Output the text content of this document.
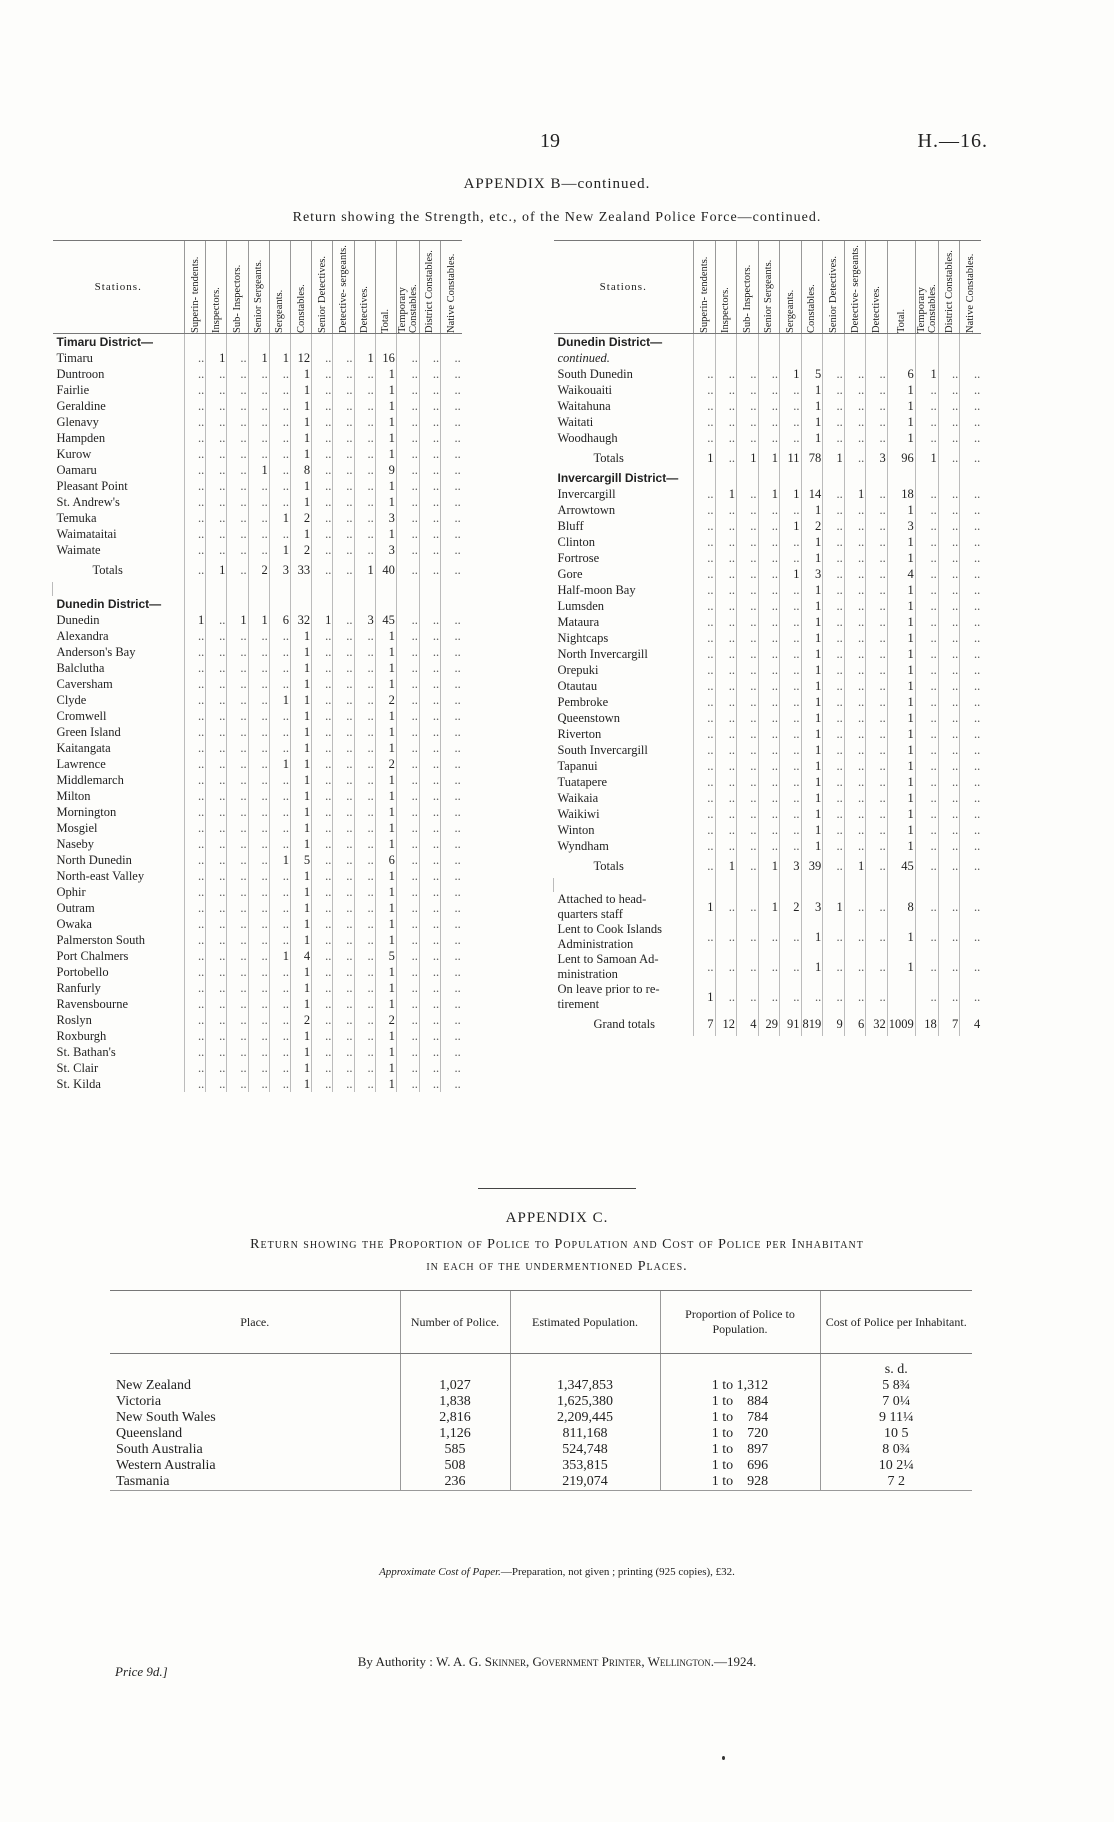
19	H.—16.
APPENDIX B—continued.
Return showing the Strength, etc., of the New Zealand Police Force—continued.
Stations.	Superin- tendents.	Inspectors.	Sub- Inspectors.	Senior Sergeants.	Sergeants.	Constables.	Senior Detectives.	Detective- sergeants.	Detectives.	Total.	Temporary Constables.	District Constables.	Native Constables.

Timaru District—													
Timaru	..	1	..	1	1	12	..	..	1	16	..	..	..
Duntroon	..	..	..	..	..	1	..	..	..	1	..	..	..
Fairlie	..	..	..	..	..	1	..	..	..	1	..	..	..
Geraldine	..	..	..	..	..	1	..	..	..	1	..	..	..
Glenavy	..	..	..	..	..	1	..	..	..	1	..	..	..
Hampden	..	..	..	..	..	1	..	..	..	1	..	..	..
Kurow	..	..	..	..	..	1	..	..	..	1	..	..	..
Oamaru	..	..	..	1	..	8	..	..	..	9	..	..	..
Pleasant Point	..	..	..	..	..	1	..	..	..	1	..	..	..
St. Andrew's	..	..	..	..	..	1	..	..	..	1	..	..	..
Temuka	..	..	..	..	1	2	..	..	..	3	..	..	..
Waimataitai	..	..	..	..	..	1	..	..	..	1	..	..	..
Waimate	..	..	..	..	1	2	..	..	..	3	..	..	..
Totals	..	1	..	2	3	33	..	..	1	40	..	..	..

Dunedin District—													
Dunedin	1	..	1	1	6	32	1	..	3	45	..	..	..
Alexandra	..	..	..	..	..	1	..	..	..	1	..	..	..
Anderson's Bay	..	..	..	..	..	1	..	..	..	1	..	..	..
Balclutha	..	..	..	..	..	1	..	..	..	1	..	..	..
Caversham	..	..	..	..	..	1	..	..	..	1	..	..	..
Clyde	..	..	..	..	1	1	..	..	..	2	..	..	..
Cromwell	..	..	..	..	..	1	..	..	..	1	..	..	..
Green Island	..	..	..	..	..	1	..	..	..	1	..	..	..
Kaitangata	..	..	..	..	..	1	..	..	..	1	..	..	..
Lawrence	..	..	..	..	1	1	..	..	..	2	..	..	..
Middlemarch	..	..	..	..	..	1	..	..	..	1	..	..	..
Milton	..	..	..	..	..	1	..	..	..	1	..	..	..
Mornington	..	..	..	..	..	1	..	..	..	1	..	..	..
Mosgiel	..	..	..	..	..	1	..	..	..	1	..	..	..
Naseby	..	..	..	..	..	1	..	..	..	1	..	..	..
North Dunedin	..	..	..	..	1	5	..	..	..	6	..	..	..
North-east Valley	..	..	..	..	..	1	..	..	..	1	..	..	..
Ophir	..	..	..	..	..	1	..	..	..	1	..	..	..
Outram	..	..	..	..	..	1	..	..	..	1	..	..	..
Owaka	..	..	..	..	..	1	..	..	..	1	..	..	..
Palmerston South	..	..	..	..	..	1	..	..	..	1	..	..	..
Port Chalmers	..	..	..	..	1	4	..	..	..	5	..	..	..
Portobello	..	..	..	..	..	1	..	..	..	1	..	..	..
Ranfurly	..	..	..	..	..	1	..	..	..	1	..	..	..
Ravensbourne	..	..	..	..	..	1	..	..	..	1	..	..	..
Roslyn	..	..	..	..	..	2	..	..	..	2	..	..	..
Roxburgh	..	..	..	..	..	1	..	..	..	1	..	..	..
St. Bathan's	..	..	..	..	..	1	..	..	..	1	..	..	..
St. Clair	..	..	..	..	..	1	..	..	..	1	..	..	..
St. Kilda	..	..	..	..	..	1	..	..	..	1	..	..	..
Stations.	Superin- tendents.	Inspectors.	Sub- Inspectors.	Senior Sergeants.	Sergeants.	Constables.	Senior Detectives.	Detective- sergeants.	Detectives.	Total.	Temporary Constables.	District Constables.	Native Constables.

Dunedin District—													
continued.													
South Dunedin	..	..	..	..	1	5	..	..	..	6	1	..	..
Waikouaiti	..	..	..	..	..	1	..	..	..	1	..	..	..
Waitahuna	..	..	..	..	..	1	..	..	..	1	..	..	..
Waitati	..	..	..	..	..	1	..	..	..	1	..	..	..
Woodhaugh	..	..	..	..	..	1	..	..	..	1	..	..	..
Totals	1	..	1	1	11	78	1	..	3	96	1	..	..
Invercargill District—													
Invercargill	..	1	..	1	1	14	..	1	..	18	..	..	..
Arrowtown	..	..	..	..	..	1	..	..	..	1	..	..	..
Bluff	..	..	..	..	1	2	..	..	..	3	..	..	..
Clinton	..	..	..	..	..	1	..	..	..	1	..	..	..
Fortrose	..	..	..	..	..	1	..	..	..	1	..	..	..
Gore	..	..	..	..	1	3	..	..	..	4	..	..	..
Half-moon Bay	..	..	..	..	..	1	..	..	..	1	..	..	..
Lumsden	..	..	..	..	..	1	..	..	..	1	..	..	..
Mataura	..	..	..	..	..	1	..	..	..	1	..	..	..
Nightcaps	..	..	..	..	..	1	..	..	..	1	..	..	..
North Invercargill	..	..	..	..	..	1	..	..	..	1	..	..	..
Orepuki	..	..	..	..	..	1	..	..	..	1	..	..	..
Otautau	..	..	..	..	..	1	..	..	..	1	..	..	..
Pembroke	..	..	..	..	..	1	..	..	..	1	..	..	..
Queenstown	..	..	..	..	..	1	..	..	..	1	..	..	..
Riverton	..	..	..	..	..	1	..	..	..	1	..	..	..
South Invercargill	..	..	..	..	..	1	..	..	..	1	..	..	..
Tapanui	..	..	..	..	..	1	..	..	..	1	..	..	..
Tuatapere	..	..	..	..	..	1	..	..	..	1	..	..	..
Waikaia	..	..	..	..	..	1	..	..	..	1	..	..	..
Waikiwi	..	..	..	..	..	1	..	..	..	1	..	..	..
Winton	..	..	..	..	..	1	..	..	..	1	..	..	..
Wyndham	..	..	..	..	..	1	..	..	..	1	..	..	..
Totals	..	1	..	1	3	39	..	1	..	45	..	..	..

Attached to head-
quarters staff	1	..	..	1	2	3	1	..	..	8	..	..	..
Lent to Cook Islands
Administration	..	..	..	..	..	1	..	..	..	1	..	..	..
Lent to Samoan Ad-
ministration	..	..	..	..	..	1	..	..	..	1	..	..	..
On leave prior to re-
tirement	1	..	..	..	..	..	..	..	..		..	..	..
Grand totals	7	12	4	29	91	819	9	6	32	1009	18	7	4
APPENDIX C.
Return showing the Proportion of Police to Population and Cost of Police per Inhabitant
in each of the undermentioned Places.
Place.	Number of Police.	Estimated Population.	Proportion of Police to Population.	Cost of Police per Inhabitant.
				s. d.
New Zealand	1,027	1,347,853	1 to 1,312	5 8¾
Victoria	1,838	1,625,380	1 to    884	7 0¼
New South Wales	2,816	2,209,445	1 to    784	9 11¼
Queensland	1,126	811,168	1 to    720	10 5
South Australia	585	524,748	1 to    897	8 0¾
Western Australia	508	353,815	1 to    696	10 2¼
Tasmania	236	219,074	1 to    928	7 2
Approximate Cost of Paper.—Preparation, not given ; printing (925 copies), £32.
Price 9d.]
By Authority : W. A. G. Skinner, Government Printer, Wellington.—1924.
